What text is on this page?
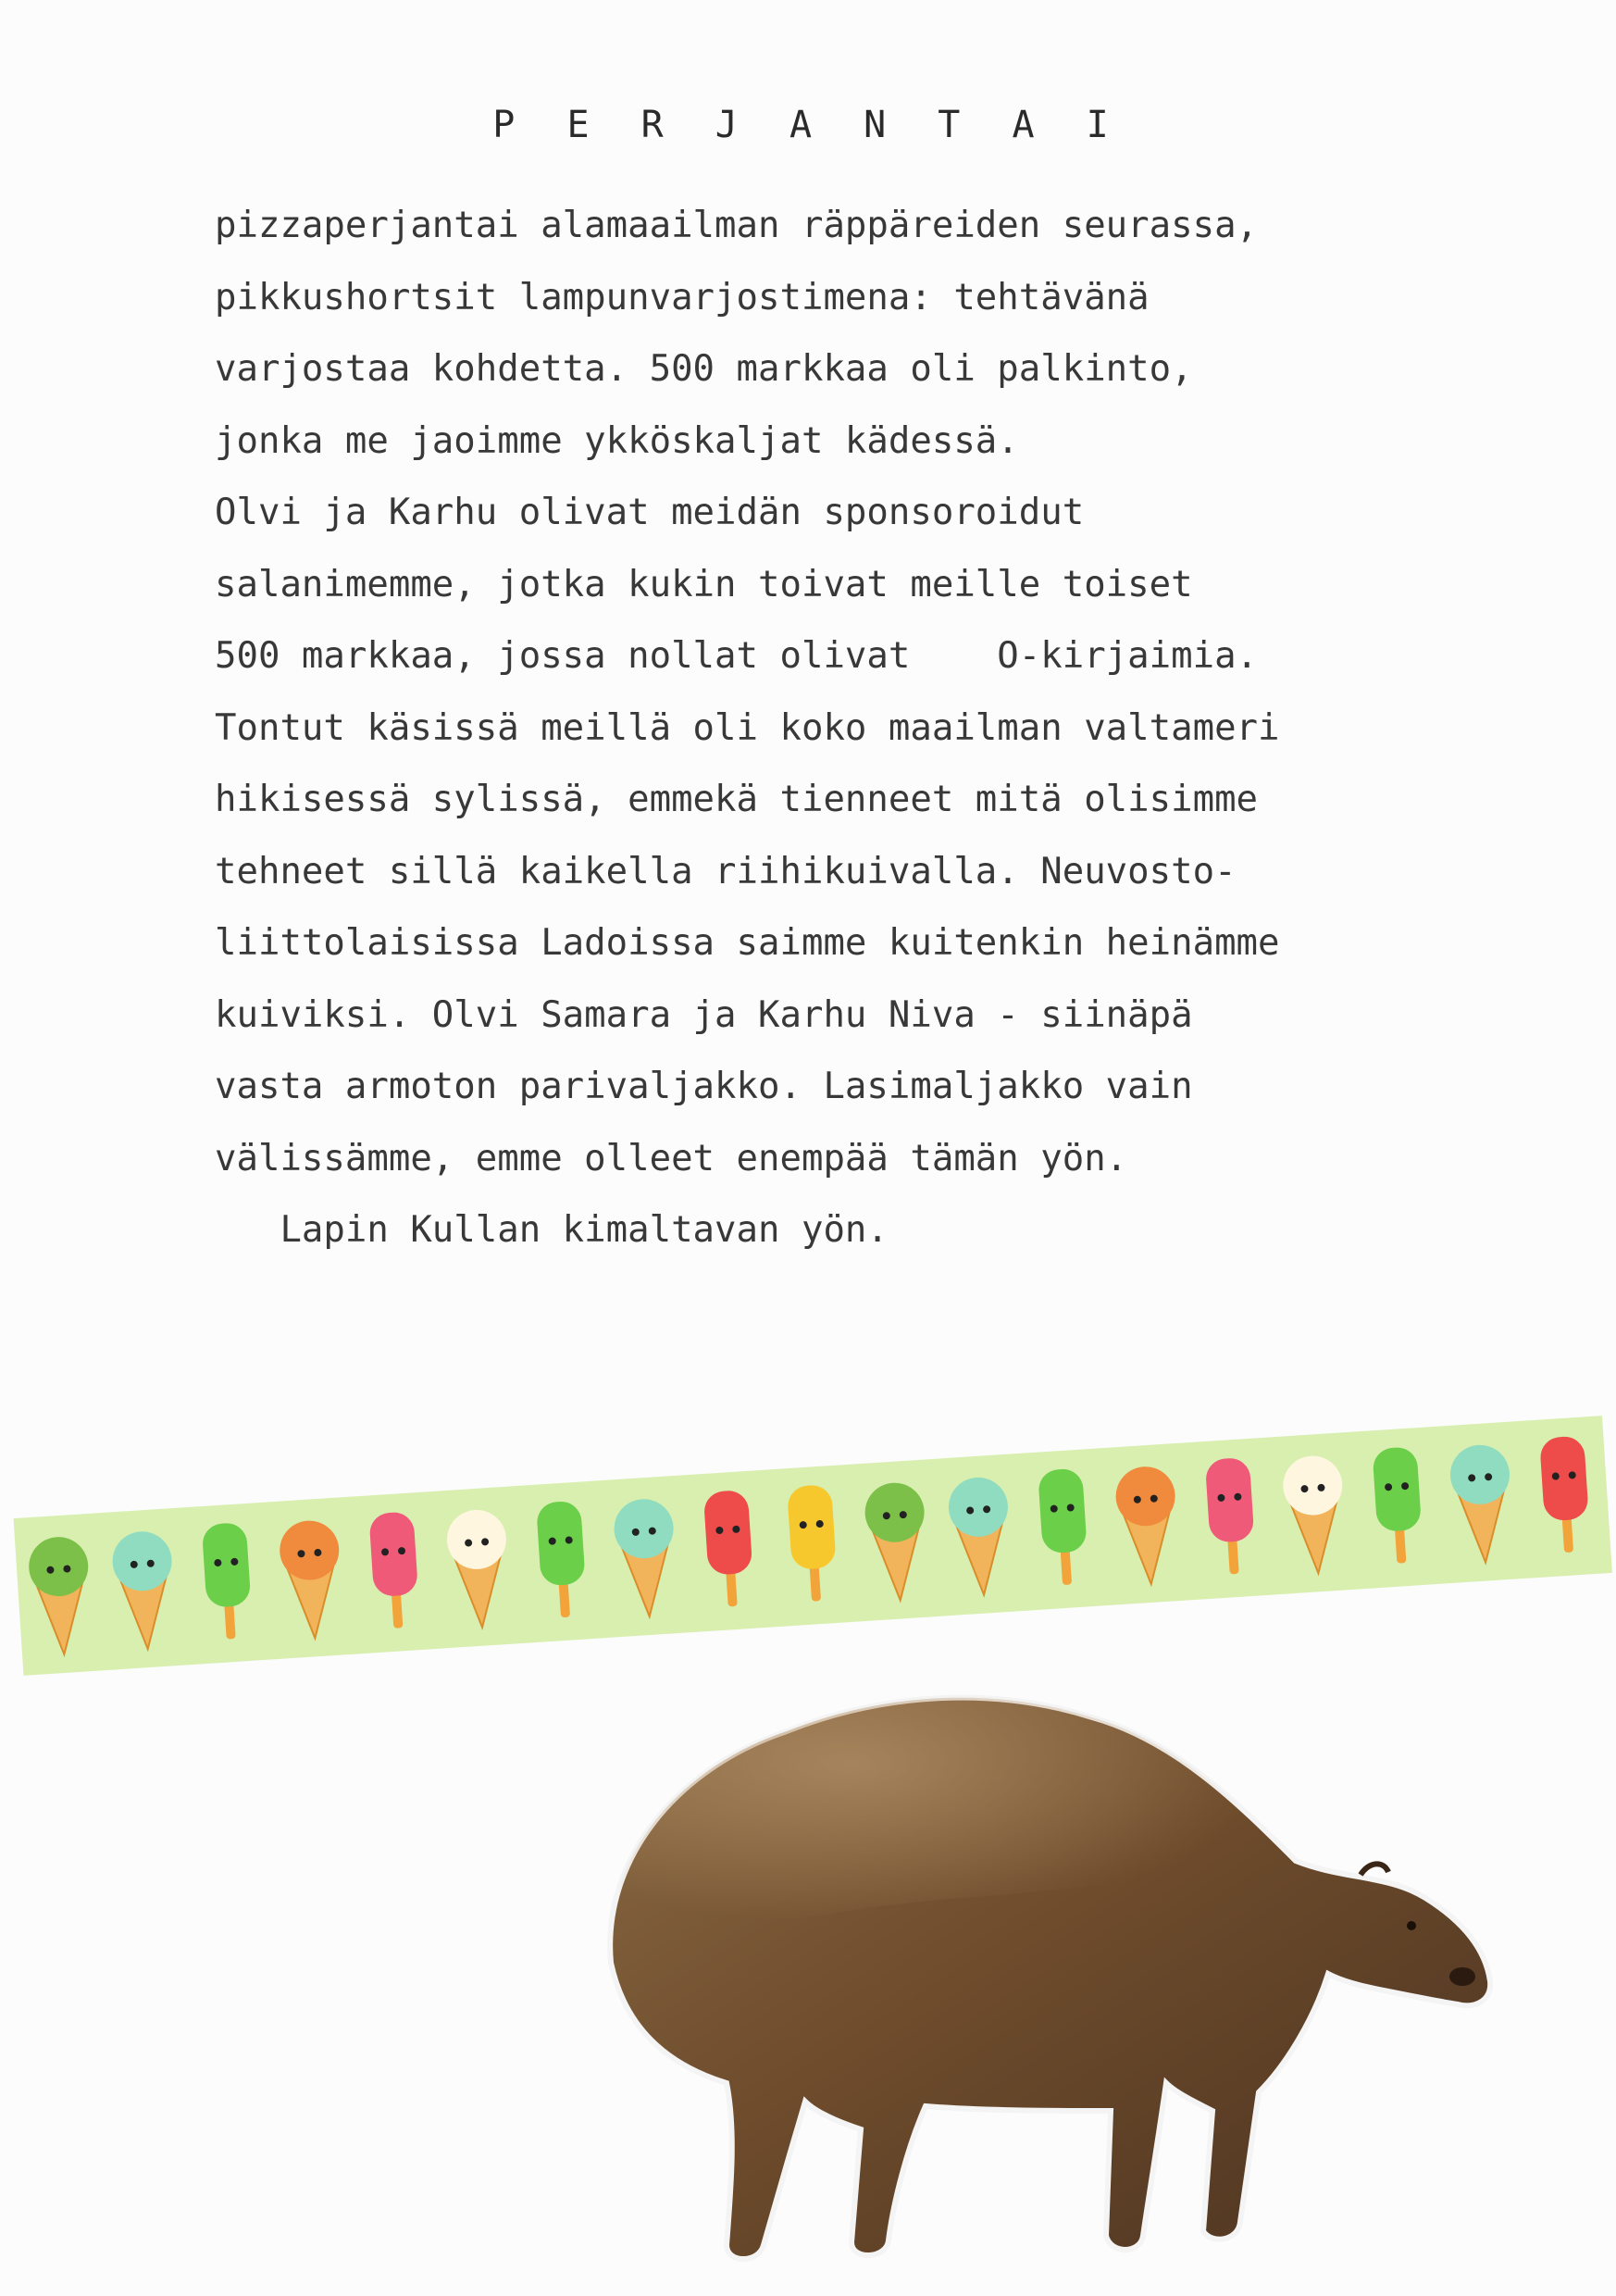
P E R J A N T A I
pizzaperjantai alamaailman räppäreiden seurassa,
pikkushortsit lampunvarjostimena: tehtävänä
varjostaa kohdetta. 500 markkaa oli palkinto,
jonka me jaoimme ykköskaljat kädessä.
Olvi ja Karhu olivat meidän sponsoroidut
salanimemme, jotka kukin toivat meille toiset
500 markkaa, jossa nollat olivat    O-kirjaimia.
Tontut käsissä meillä oli koko maailman valtameri
hikisessä sylissä, emmekä tienneet mitä olisimme
tehneet sillä kaikella riihikuivalla. Neuvosto-
liittolaisissa Ladoissa saimme kuitenkin heinämme
kuiviksi. Olvi Samara ja Karhu Niva - siinäpä
vasta armoton parivaljakko. Lasimaljakko vain
välissämme, emme olleet enempää tämän yön.
Lapin Kullan kimaltavan yön.
